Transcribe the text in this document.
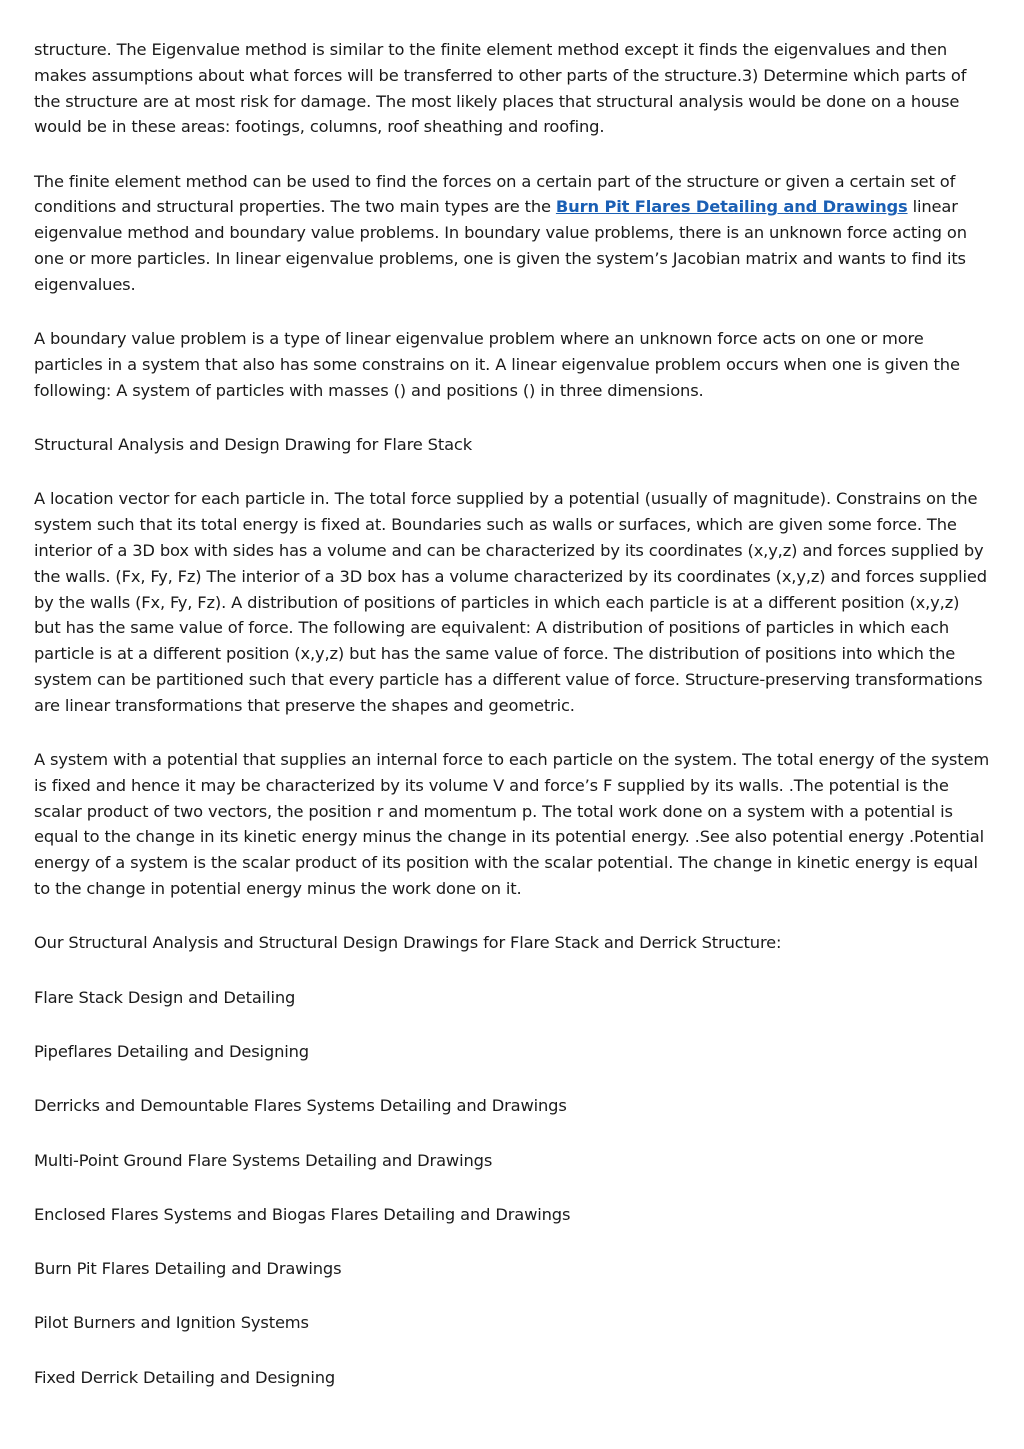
structure. The Eigenvalue method is similar to the finite element method except it finds the eigenvalues and then makes assumptions about what forces will be transferred to other parts of the structure.3) Determine which parts of the structure are at most risk for damage. The most likely places that structural analysis would be done on a house would be in these areas: footings, columns, roof sheathing and roofing.

The finite element method can be used to find the forces on a certain part of the structure or given a certain set of conditions and structural properties. The two main types are the Burn Pit Flares Detailing and Drawings linear eigenvalue method and boundary value problems. In boundary value problems, there is an unknown force acting on one or more particles. In linear eigenvalue problems, one is given the system’s Jacobian matrix and wants to find its eigenvalues.

A boundary value problem is a type of linear eigenvalue problem where an unknown force acts on one or more particles in a system that also has some constrains on it. A linear eigenvalue problem occurs when one is given the following: A system of particles with masses () and positions () in three dimensions.

Structural Analysis and Design Drawing for Flare Stack

A location vector for each particle in. The total force supplied by a potential (usually of magnitude). Constrains on the system such that its total energy is fixed at. Boundaries such as walls or surfaces, which are given some force. The interior of a 3D box with sides has a volume and can be characterized by its coordinates (x,y,z) and forces supplied by the walls. (Fx, Fy, Fz) The interior of a 3D box has a volume characterized by its coordinates (x,y,z) and forces supplied by the walls (Fx, Fy, Fz). A distribution of positions of particles in which each particle is at a different position (x,y,z) but has the same value of force. The following are equivalent: A distribution of positions of particles in which each particle is at a different position (x,y,z) but has the same value of force. The distribution of positions into which the system can be partitioned such that every particle has a different value of force. Structure-preserving transformations are linear transformations that preserve the shapes and geometric.

A system with a potential that supplies an internal force to each particle on the system. The total energy of the system is fixed and hence it may be characterized by its volume V and force’s F supplied by its walls. .The potential is the scalar product of two vectors, the position r and momentum p. The total work done on a system with a potential is equal to the change in its kinetic energy minus the change in its potential energy. .See also potential energy .Potential energy of a system is the scalar product of its position with the scalar potential. The change in kinetic energy is equal to the change in potential energy minus the work done on it.

Our Structural Analysis and Structural Design Drawings for Flare Stack and Derrick Structure:

Flare Stack Design and Detailing

Pipeflares Detailing and Designing

Derricks and Demountable Flares Systems Detailing and Drawings

Multi-Point Ground Flare Systems Detailing and Drawings

Enclosed Flares Systems and Biogas Flares Detailing and Drawings

Burn Pit Flares Detailing and Drawings

Pilot Burners and Ignition Systems

Fixed Derrick Detailing and Designing
